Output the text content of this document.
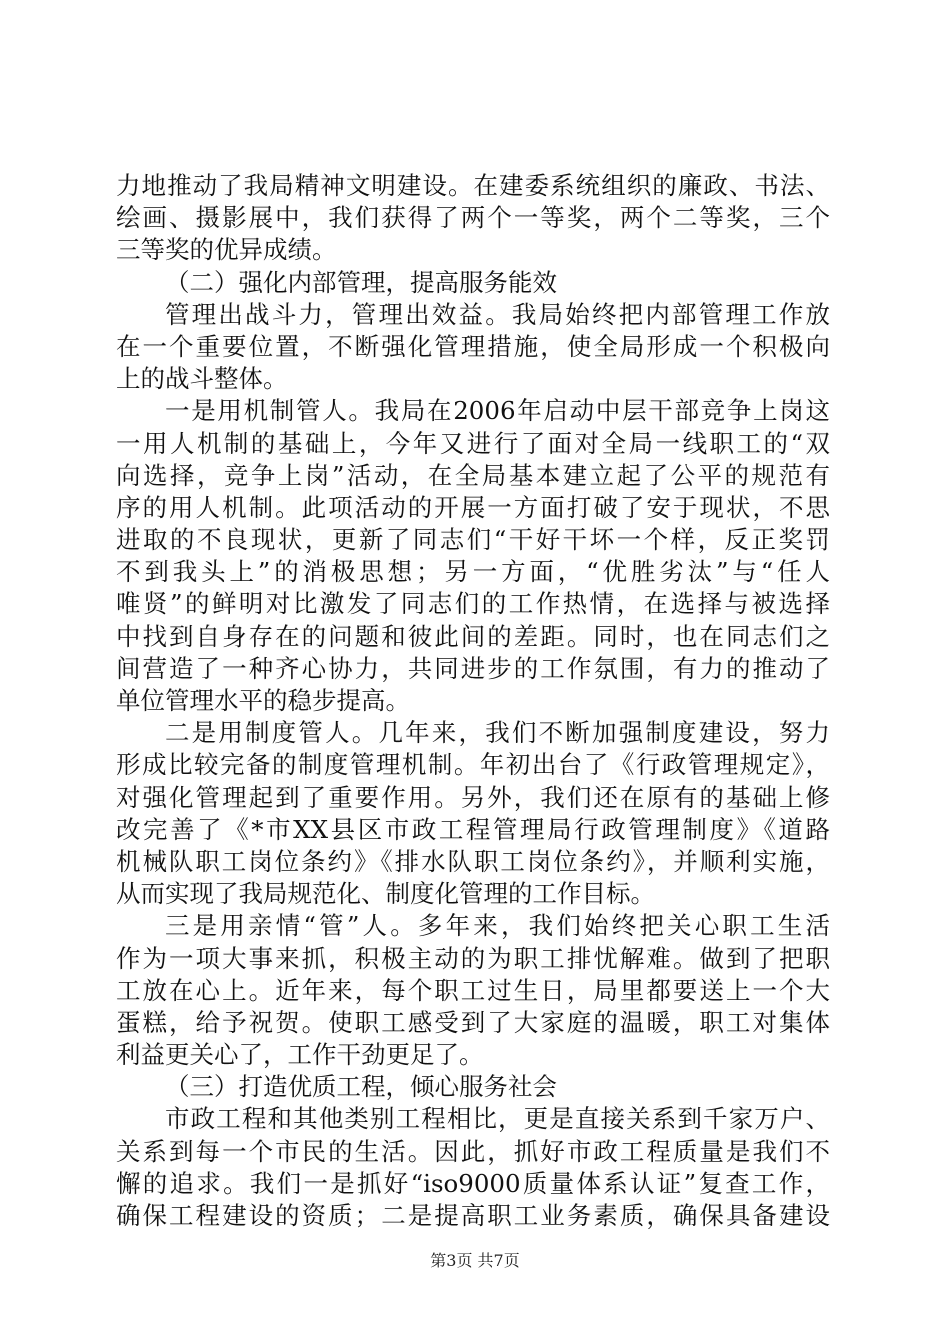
力地推动了我局精神文明建设。在建委系统组织的廉政、书法、
绘画、摄影展中，我们获得了两个一等奖，两个二等奖，三个
三等奖的优异成绩。
（二）强化内部管理，提高服务能效
管理出战斗力，管理出效益。我局始终把内部管理工作放
在一个重要位置，不断强化管理措施，使全局形成一个积极向
上的战斗整体。
一是用机制管人。我局在2006年启动中层干部竞争上岗这
一用人机制的基础上，今年又进行了面对全局一线职工的“双
向选择，竞争上岗”活动，在全局基本建立起了公平的规范有
序的用人机制。此项活动的开展一方面打破了安于现状，不思
进取的不良现状，更新了同志们“干好干坏一个样，反正奖罚
不到我头上”的消极思想；另一方面，“优胜劣汰”与“任人
唯贤”的鲜明对比激发了同志们的工作热情，在选择与被选择
中找到自身存在的问题和彼此间的差距。同时，也在同志们之
间营造了一种齐心协力，共同进步的工作氛围，有力的推动了
单位管理水平的稳步提高。
二是用制度管人。几年来，我们不断加强制度建设，努力
形成比较完备的制度管理机制。年初出台了《行政管理规定》，
对强化管理起到了重要作用。另外，我们还在原有的基础上修
改完善了《*市XX县区市政工程管理局行政管理制度》《道路
机械队职工岗位条约》《排水队职工岗位条约》，并顺利实施，
从而实现了我局规范化、制度化管理的工作目标。
三是用亲情“管”人。多年来，我们始终把关心职工生活
作为一项大事来抓，积极主动的为职工排忧解难。做到了把职
工放在心上。近年来，每个职工过生日，局里都要送上一个大
蛋糕，给予祝贺。使职工感受到了大家庭的温暖，职工对集体
利益更关心了，工作干劲更足了。
（三）打造优质工程，倾心服务社会
市政工程和其他类别工程相比，更是直接关系到千家万户、
关系到每一个市民的生活。因此，抓好市政工程质量是我们不
懈的追求。我们一是抓好“iso9000质量体系认证”复查工作，
确保工程建设的资质；二是提高职工业务素质，确保具备建设
第3页 共7页
